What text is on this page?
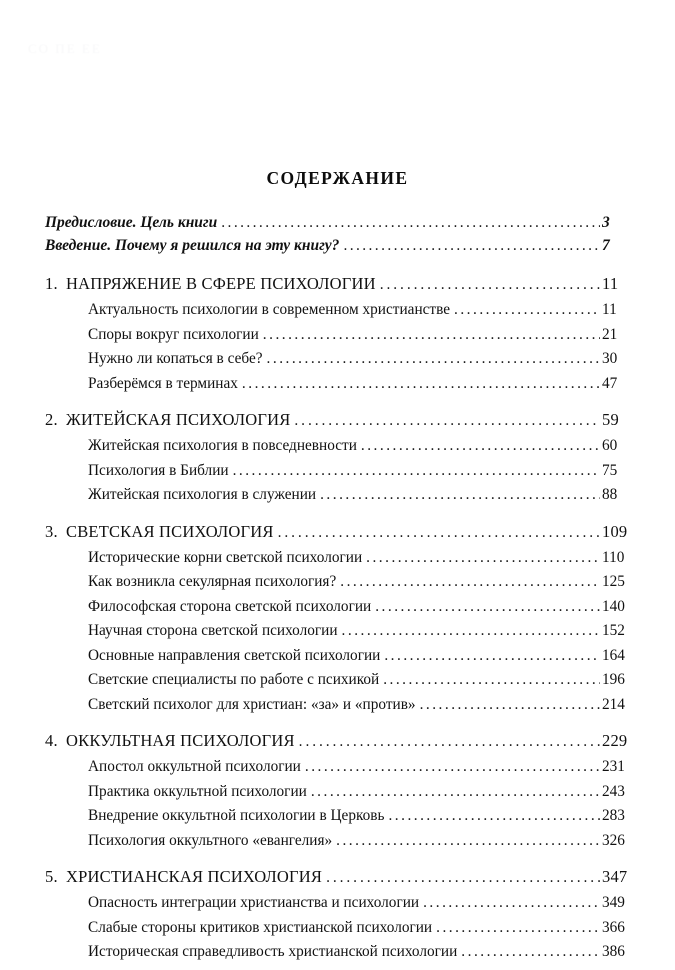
СОДЕРЖАНИЕ
Предисловие. Цель книги .....	3
Введение. Почему я решился на эту книгу? .....	7
1. НАПРЯЖЕНИЕ В СФЕРЕ ПСИХОЛОГИИ .....	11
Актуальность психологии в современном христианстве .....	11
Споры вокруг психологии .....	21
Нужно ли копаться в себе? .....	30
Разберёмся в терминах .....	47
2. ЖИТЕЙСКАЯ ПСИХОЛОГИЯ .....	59
Житейская психология в повседневности .....	60
Психология в Библии .....	75
Житейская психология в служении .....	88
3. СВЕТСКАЯ ПСИХОЛОГИЯ .....	109
Исторические корни светской психологии .....	110
Как возникла секулярная психология? .....	125
Философская сторона светской психологии .....	140
Научная сторона светской психологии .....	152
Основные направления светской психологии .....	164
Светские специалисты по работе с психикой .....	196
Светский психолог для христиан: «за» и «против» .....	214
4. ОККУЛЬТНАЯ ПСИХОЛОГИЯ .....	229
Апостол оккультной психологии .....	231
Практика оккультной психологии .....	243
Внедрение оккультной психологии в Церковь .....	283
Психология оккультного «евангелия» .....	326
5. ХРИСТИАНСКАЯ ПСИХОЛОГИЯ .....	347
Опасность интеграции христианства и психологии .....	349
Слабые стороны критиков христианской психологии .....	366
Историческая справедливость христианской психологии .....	386
